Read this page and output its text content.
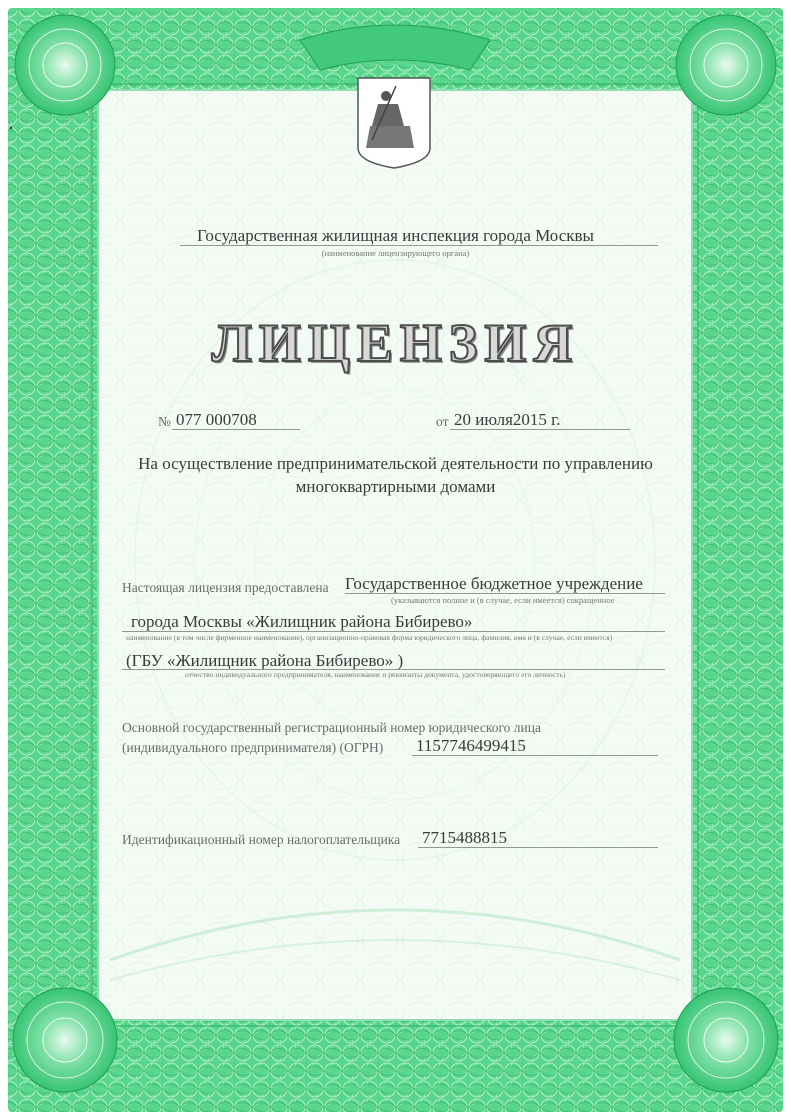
Государственная жилищная инспекция города Москвы
(наименование лицензирующего органа)
ЛИЦЕНЗИЯ
№ 077 000708	от 20 июля2015 г.
На осуществление предпринимательской деятельности по управлению
многоквартирными домами
Настоящая лицензия предоставлена Государственное бюджетное учреждение
(указываются полное и (в случае, если имеется) сокращенное
города Москвы «Жилищник района Бибирево»
наименование (в том числе фирменное наименование), организационно-правовая форма юридического лица, фамилия, имя и (в случае, если имеется)
(ГБУ «Жилищник района Бибирево» )
отчество индивидуального предпринимателя, наименование и реквизиты документа, удостоверяющего его личность)
Основной государственный регистрационный номер юридического лица
(индивидуального предпринимателя) (ОГРН) 1157746499415
Идентификационный номер налогоплательщика 7715488815
